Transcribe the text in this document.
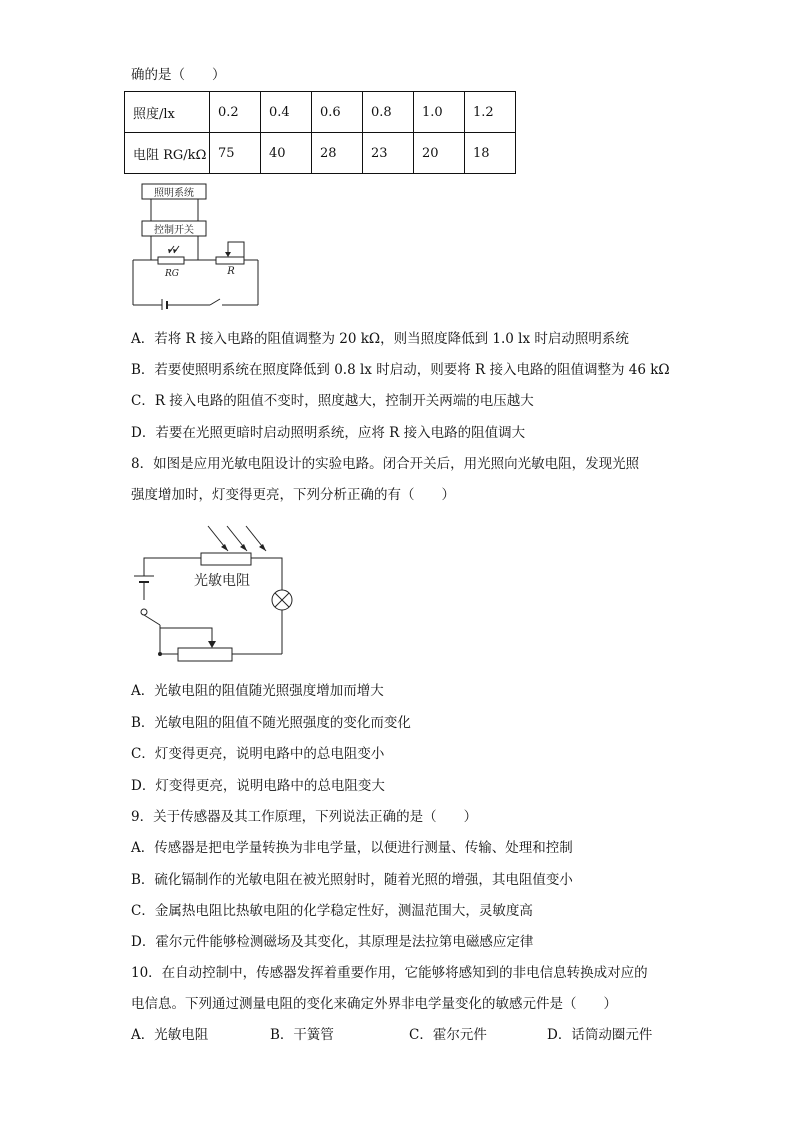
确的是（　　）
照度/lx	0.2	0.4	0.6	0.8	1.0	1.2
电阻 RG/kΩ	75	40	28	23	20	18
照明系统
控制开关
RG	R
A．若将 R 接入电路的阻值调整为 20 kΩ，则当照度降低到 1.0 lx 时启动照明系统
B．若要使照明系统在照度降低到 0.8 lx 时启动，则要将 R 接入电路的阻值调整为 46 kΩ
C．R 接入电路的阻值不变时，照度越大，控制开关两端的电压越大
D．若要在光照更暗时启动照明系统，应将 R 接入电路的阻值调大
8．如图是应用光敏电阻设计的实验电路。闭合开关后，用光照向光敏电阻，发现光照
强度增加时，灯变得更亮，下列分析正确的有（　　）
光敏电阻
A．光敏电阻的阻值随光照强度增加而增大
B．光敏电阻的阻值不随光照强度的变化而变化
C．灯变得更亮，说明电路中的总电阻变小
D．灯变得更亮，说明电路中的总电阻变大
9．关于传感器及其工作原理，下列说法正确的是（　　）
A．传感器是把电学量转换为非电学量，以便进行测量、传输、处理和控制
B．硫化镉制作的光敏电阻在被光照射时，随着光照的增强，其电阻值变小
C．金属热电阻比热敏电阻的化学稳定性好，测温范围大，灵敏度高
D．霍尔元件能够检测磁场及其变化，其原理是法拉第电磁感应定律
10．在自动控制中，传感器发挥着重要作用，它能够将感知到的非电信息转换成对应的
电信息。下列通过测量电阻的变化来确定外界非电学量变化的敏感元件是（　　）
A．光敏电阻	B．干簧管	C．霍尔元件	D．话筒动圈元件
